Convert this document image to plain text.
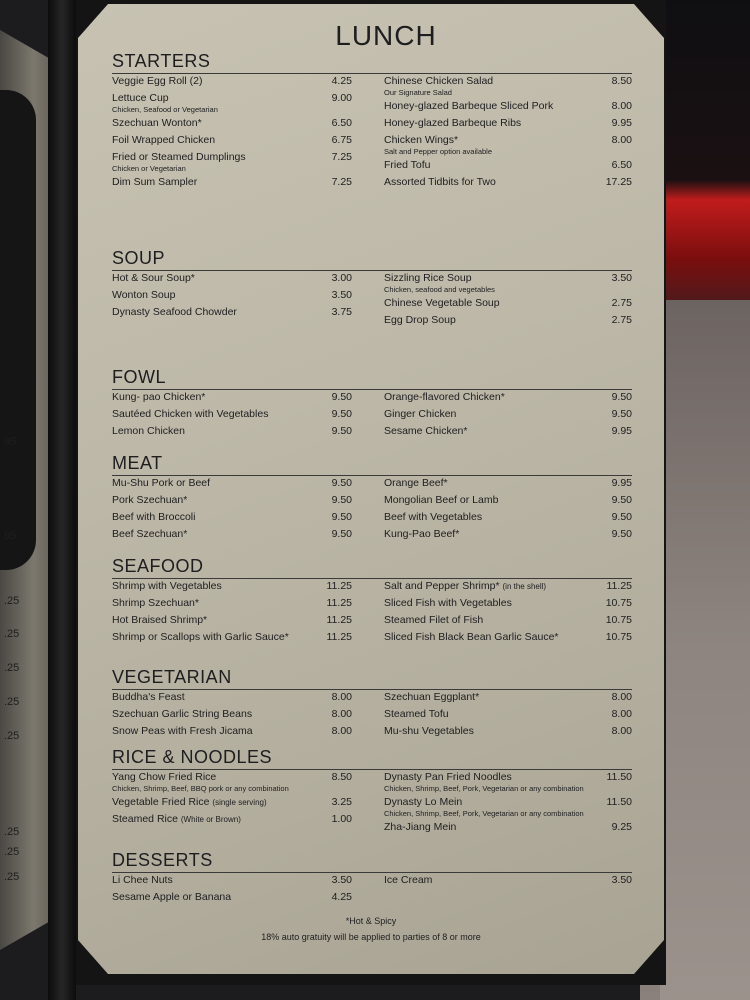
.25
.25
.25
.25
.25
.25
.25
.25
95
95
LUNCH
STARTERS
Veggie Egg Roll (2)	4.25
Lettuce Cup	9.00
Chicken, Seafood or Vegetarian
Szechuan Wonton*	6.50
Foil Wrapped Chicken	6.75
Fried or Steamed Dumplings	7.25
Chicken or Vegetarian
Dim Sum Sampler	7.25
Chinese Chicken Salad	8.50
Our Signature Salad
Honey-glazed Barbeque Sliced Pork	8.00
Honey-glazed Barbeque Ribs	9.95
Chicken Wings*	8.00
Salt and Pepper option available
Fried Tofu	6.50
Assorted Tidbits for Two	17.25
SOUP
Hot & Sour Soup*	3.00
Wonton Soup	3.50
Dynasty Seafood Chowder	3.75
Sizzling Rice Soup	3.50
Chicken, seafood and vegetables
Chinese Vegetable Soup	2.75
Egg Drop Soup	2.75
FOWL
Kung- pao Chicken*	9.50
Sautéed Chicken with Vegetables	9.50
Lemon Chicken	9.50
Orange-flavored Chicken*	9.50
Ginger Chicken	9.50
Sesame Chicken*	9.95
MEAT
Mu-Shu Pork or Beef	9.50
Pork Szechuan*	9.50
Beef with Broccoli	9.50
Beef Szechuan*	9.50
Orange Beef*	9.95
Mongolian Beef or Lamb	9.50
Beef with Vegetables	9.50
Kung-Pao Beef*	9.50
SEAFOOD
Shrimp with Vegetables	11.25
Shrimp Szechuan*	11.25
Hot Braised Shrimp*	11.25
Shrimp or Scallops with Garlic Sauce*	11.25
Salt and Pepper Shrimp* (in the shell)	11.25
Sliced Fish with Vegetables	10.75
Steamed Filet of Fish	10.75
Sliced Fish Black Bean Garlic Sauce*	10.75
VEGETARIAN
Buddha's Feast	8.00
Szechuan Garlic String Beans	8.00
Snow Peas with Fresh Jicama	8.00
Szechuan Eggplant*	8.00
Steamed Tofu	8.00
Mu-shu Vegetables	8.00
RICE & NOODLES
Yang Chow Fried Rice	8.50
Chicken, Shrimp, Beef, BBQ pork or any combination
Vegetable Fried Rice (single serving)	3.25
Steamed Rice (White or Brown)	1.00
Dynasty Pan Fried Noodles	11.50
Chicken, Shrimp, Beef, Pork, Vegetarian or any combination
Dynasty Lo Mein	11.50
Chicken, Shrimp, Beef, Pork, Vegetarian or any combination
Zha-Jiang Mein	9.25
DESSERTS
Li Chee Nuts	3.50
Sesame Apple or Banana	4.25
Ice Cream	3.50
*Hot & Spicy
18% auto gratuity will be applied to parties of 8 or more
